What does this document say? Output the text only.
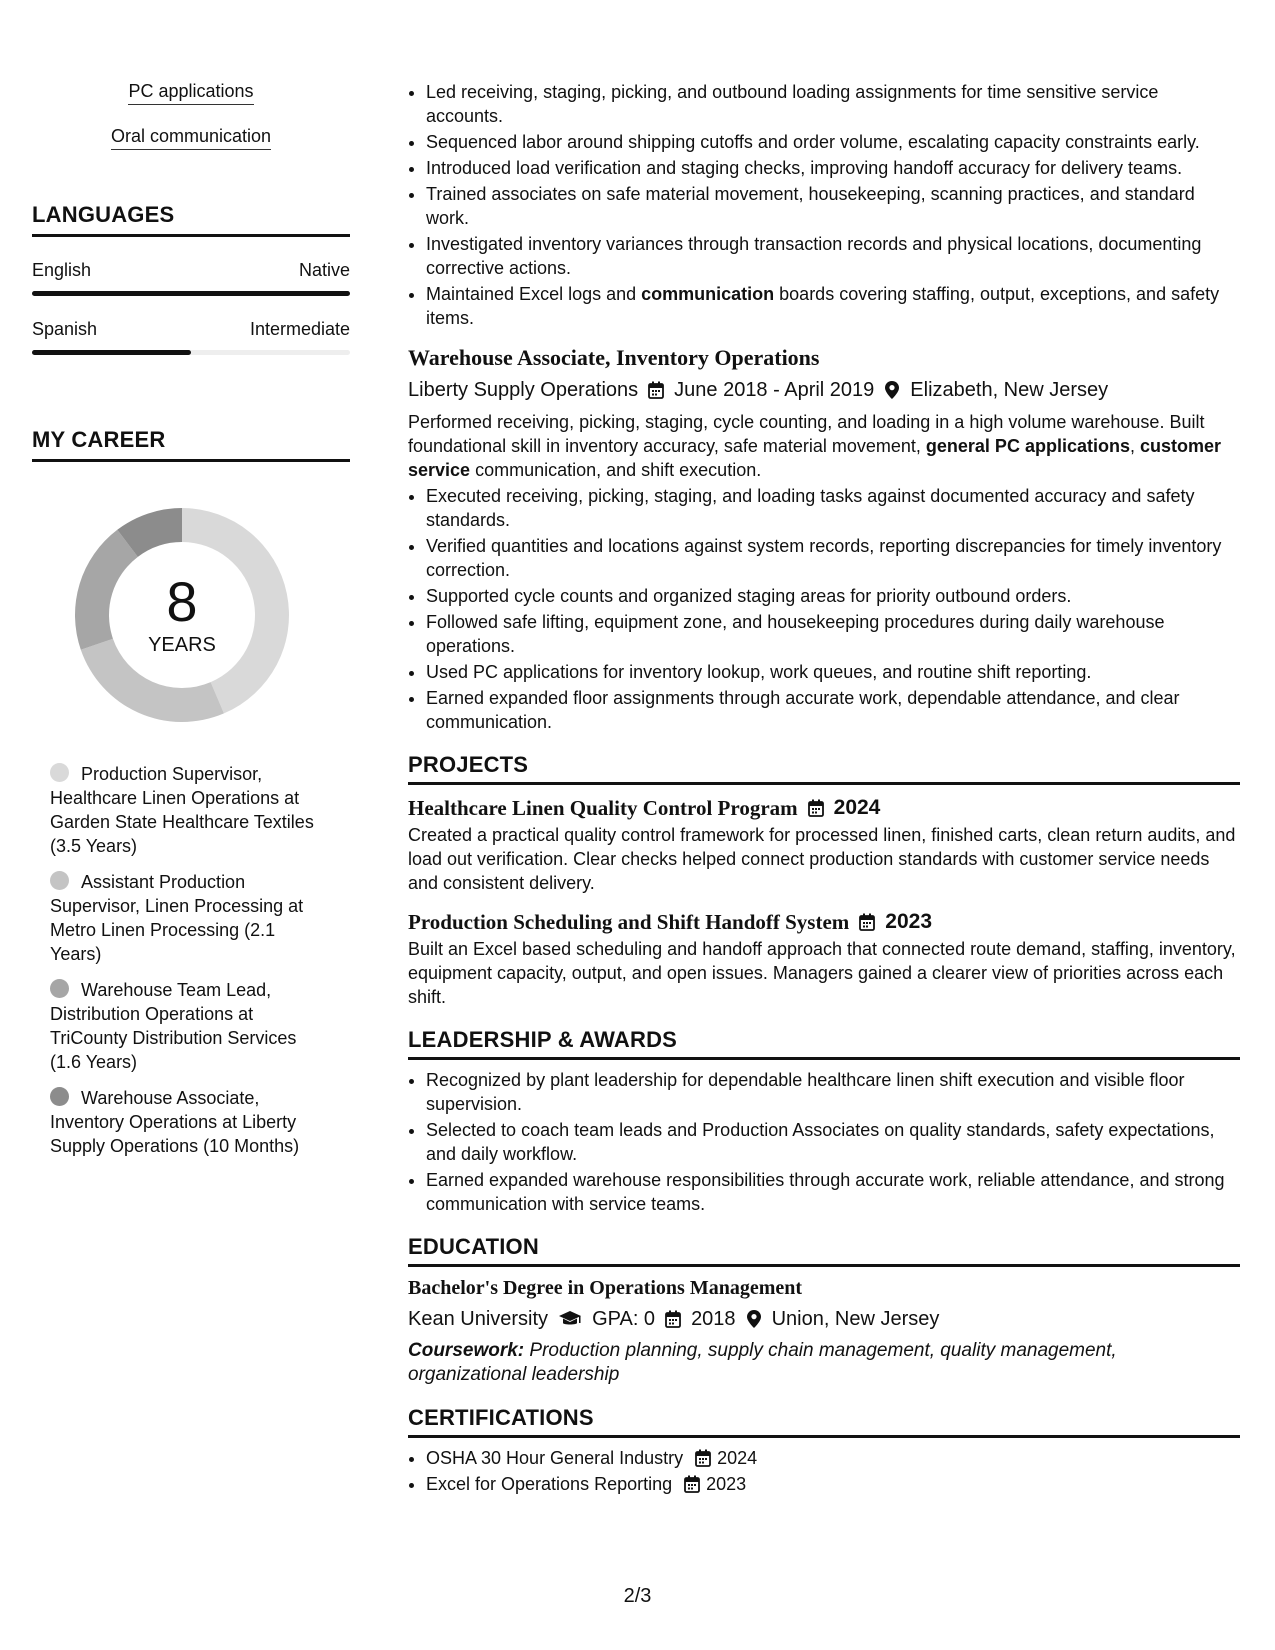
PC applications
Oral communication
LANGUAGES
English	Native
Spanish	Intermediate
MY CAREER
8
YEARS
Production Supervisor, Healthcare Linen Operations at Garden State Healthcare Textiles (3.5 Years)
Assistant Production Supervisor, Linen Processing at Metro Linen Processing (2.1 Years)
Warehouse Team Lead, Distribution Operations at TriCounty Distribution Services (1.6 Years)
Warehouse Associate, Inventory Operations at Liberty Supply Operations (10 Months)
• Led receiving, staging, picking, and outbound loading assignments for time sensitive service accounts.
• Sequenced labor around shipping cutoffs and order volume, escalating capacity constraints early.
• Introduced load verification and staging checks, improving handoff accuracy for delivery teams.
• Trained associates on safe material movement, housekeeping, scanning practices, and standard work.
• Investigated inventory variances through transaction records and physical locations, documenting corrective actions.
• Maintained Excel logs and communication boards covering staffing, output, exceptions, and safety items.
Warehouse Associate, Inventory Operations
Liberty Supply Operations June 2018 - April 2019 Elizabeth, New Jersey

Performed receiving, picking, staging, cycle counting, and loading in a high volume warehouse. Built foundational skill in inventory accuracy, safe material movement, general PC applications, customer service communication, and shift execution.

• Executed receiving, picking, staging, and loading tasks against documented accuracy and safety standards.
• Verified quantities and locations against system records, reporting discrepancies for timely inventory correction.
• Supported cycle counts and organized staging areas for priority outbound orders.
• Followed safe lifting, equipment zone, and housekeeping procedures during daily warehouse operations.
• Used PC applications for inventory lookup, work queues, and routine shift reporting.
• Earned expanded floor assignments through accurate work, dependable attendance, and clear communication.
PROJECTS
Healthcare Linen Quality Control Program 2024

Created a practical quality control framework for processed linen, finished carts, clean return audits, and load out verification. Clear checks helped connect production standards with customer service needs and consistent delivery.

Production Scheduling and Shift Handoff System 2023

Built an Excel based scheduling and handoff approach that connected route demand, staffing, inventory, equipment capacity, output, and open issues. Managers gained a clearer view of priorities across each shift.

LEADERSHIP & AWARDS
• Recognized by plant leadership for dependable healthcare linen shift execution and visible floor supervision.
• Selected to coach team leads and Production Associates on quality standards, safety expectations, and daily workflow.
• Earned expanded warehouse responsibilities through accurate work, reliable attendance, and strong communication with service teams.
EDUCATION
Bachelor's Degree in Operations Management
Kean University GPA: 0 2018 Union, New Jersey

Coursework: Production planning, supply chain management, quality management, organizational leadership

CERTIFICATIONS
• OSHA 30 Hour General Industry 2024
• Excel for Operations Reporting 2023
2/3
